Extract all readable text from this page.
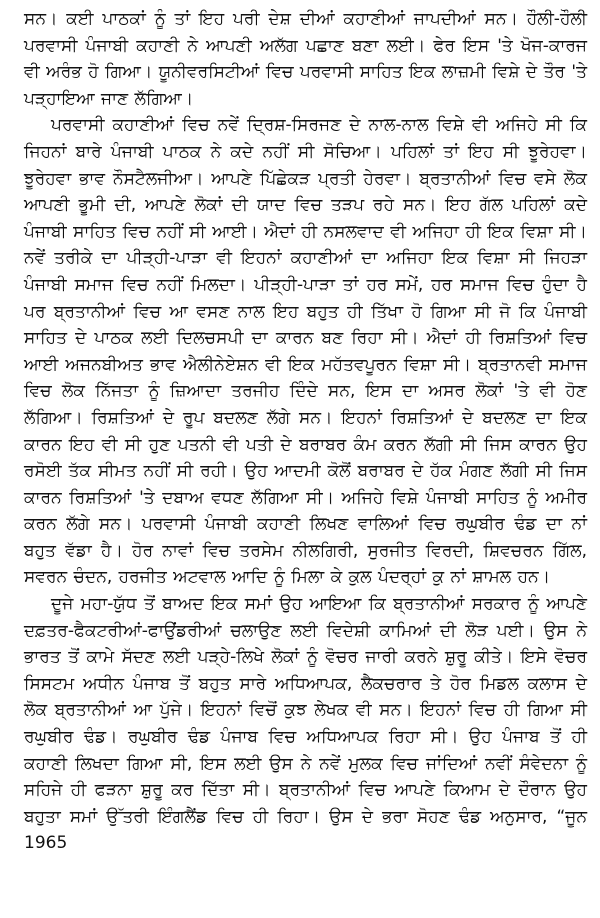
ਸਨ। ਕਈ ਪਾਠਕਾਂ ਨੂੰ ਤਾਂ ਇਹ ਪਰੀ ਦੇਸ਼ ਦੀਆਂ ਕਹਾਣੀਆਂ ਜਾਪਦੀਆਂ ਸਨ। ਹੌਲੀ-ਹੌਲੀ ਪਰਵਾਸੀ ਪੰਜਾਬੀ ਕਹਾਣੀ ਨੇ ਆਪਣੀ ਅਲੱਗ ਪਛਾਣ ਬਣਾ ਲਈ। ਫੇਰ ਇਸ 'ਤੇ ਖੋਜ-ਕਾਰਜ ਵੀ ਅਰੰਭ ਹੋ ਗਿਆ। ਯੂਨੀਵਰਸਿਟੀਆਂ ਵਿਚ ਪਰਵਾਸੀ ਸਾਹਿਤ ਇਕ ਲਾਜ਼ਮੀ ਵਿਸ਼ੇ ਦੇ ਤੌਰ 'ਤੇ ਪੜ੍ਹਾਇਆ ਜਾਣ ਲੱਗਿਆ।

ਪਰਵਾਸੀ ਕਹਾਣੀਆਂ ਵਿਚ ਨਵੇਂ ਦ੍ਰਿਸ਼-ਸਿਰਜਣ ਦੇ ਨਾਲ-ਨਾਲ ਵਿਸ਼ੇ ਵੀ ਅਜਿਹੇ ਸੀ ਕਿ ਜਿਹਨਾਂ ਬਾਰੇ ਪੰਜਾਬੀ ਪਾਠਕ ਨੇ ਕਦੇ ਨਹੀਂ ਸੀ ਸੋਚਿਆ। ਪਹਿਲਾਂ ਤਾਂ ਇਹ ਸੀ ਝੂਰੇਹਵਾ। ਝੂਰੇਹਵਾ ਭਾਵ ਨੌਸਟੈਲਜੀਆ। ਆਪਣੇ ਪਿੱਛੇਕੜ ਪ੍ਰਤੀ ਹੇਰਵਾ। ਬ੍ਰਤਾਨੀਆਂ ਵਿਚ ਵਸੇ ਲੋਕ ਆਪਣੀ ਭੂਮੀ ਦੀ, ਆਪਣੇ ਲੋਕਾਂ ਦੀ ਯਾਦ ਵਿਚ ਤੜਪ ਰਹੇ ਸਨ। ਇਹ ਗੱਲ ਪਹਿਲਾਂ ਕਦੇ ਪੰਜਾਬੀ ਸਾਹਿਤ ਵਿਚ ਨਹੀਂ ਸੀ ਆਈ। ਐਦਾਂ ਹੀ ਨਸਲਵਾਦ ਵੀ ਅਜਿਹਾ ਹੀ ਇਕ ਵਿਸ਼ਾ ਸੀ। ਨਵੇਂ ਤਰੀਕੇ ਦਾ ਪੀੜ੍ਹੀ-ਪਾੜਾ ਵੀ ਇਹਨਾਂ ਕਹਾਣੀਆਂ ਦਾ ਅਜਿਹਾ ਇਕ ਵਿਸ਼ਾ ਸੀ ਜਿਹੜਾ ਪੰਜਾਬੀ ਸਮਾਜ ਵਿਚ ਨਹੀਂ ਮਿਲਦਾ। ਪੀੜ੍ਹੀ-ਪਾੜਾ ਤਾਂ ਹਰ ਸਮੇਂ, ਹਰ ਸਮਾਜ ਵਿਚ ਹੁੰਦਾ ਹੈ ਪਰ ਬ੍ਰਤਾਨੀਆਂ ਵਿਚ ਆ ਵਸਣ ਨਾਲ ਇਹ ਬਹੁਤ ਹੀ ਤਿੱਖਾ ਹੋ ਗਿਆ ਸੀ ਜੋ ਕਿ ਪੰਜਾਬੀ ਸਾਹਿਤ ਦੇ ਪਾਠਕ ਲਈ ਦਿਲਚਸਪੀ ਦਾ ਕਾਰਨ ਬਣ ਰਿਹਾ ਸੀ। ਐਦਾਂ ਹੀ ਰਿਸ਼ਤਿਆਂ ਵਿਚ ਆਈ ਅਜਨਬੀਅਤ ਭਾਵ ਐਲੀਨੇਏਸ਼ਨ ਵੀ ਇਕ ਮਹੱਤਵਪੂਰਨ ਵਿਸ਼ਾ ਸੀ। ਬ੍ਰਤਾਨਵੀ ਸਮਾਜ ਵਿਚ ਲੋਕ ਨਿੱਜਤਾ ਨੂੰ ਜ਼ਿਆਦਾ ਤਰਜੀਹ ਦਿੰਦੇ ਸਨ, ਇਸ ਦਾ ਅਸਰ ਲੋਕਾਂ 'ਤੇ ਵੀ ਹੋਣ ਲੱਗਿਆ। ਰਿਸ਼ਤਿਆਂ ਦੇ ਰੂਪ ਬਦਲਣ ਲੱਗੇ ਸਨ। ਇਹਨਾਂ ਰਿਸ਼ਤਿਆਂ ਦੇ ਬਦਲਣ ਦਾ ਇਕ ਕਾਰਨ ਇਹ ਵੀ ਸੀ ਹੁਣ ਪਤਨੀ ਵੀ ਪਤੀ ਦੇ ਬਰਾਬਰ ਕੰਮ ਕਰਨ ਲੱਗੀ ਸੀ ਜਿਸ ਕਾਰਨ ਉਹ ਰਸੋਈ ਤੱਕ ਸੀਮਤ ਨਹੀਂ ਸੀ ਰਹੀ। ਉਹ ਆਦਮੀ ਕੋਲੋਂ ਬਰਾਬਰ ਦੇ ਹੱਕ ਮੰਗਣ ਲੱਗੀ ਸੀ ਜਿਸ ਕਾਰਨ ਰਿਸ਼ਤਿਆਂ 'ਤੇ ਦਬਾਅ ਵਧਣ ਲੱਗਿਆ ਸੀ। ਅਜਿਹੇ ਵਿਸ਼ੇ ਪੰਜਾਬੀ ਸਾਹਿਤ ਨੂੰ ਅਮੀਰ ਕਰਨ ਲੱਗੇ ਸਨ। ਪਰਵਾਸੀ ਪੰਜਾਬੀ ਕਹਾਣੀ ਲਿਖਣ ਵਾਲਿਆਂ ਵਿਚ ਰਘੁਬੀਰ ਢੰਡ ਦਾ ਨਾਂ ਬਹੁਤ ਵੱਡਾ ਹੈ। ਹੋਰ ਨਾਵਾਂ ਵਿਚ ਤਰਸੇਮ ਨੀਲਗਿਰੀ, ਸੁਰਜੀਤ ਵਿਰਦੀ, ਸ਼ਿਵਚਰਨ ਗਿੱਲ, ਸਵਰਨ ਚੰਦਨ, ਹਰਜੀਤ ਅਟਵਾਲ ਆਦਿ ਨੂੰ ਮਿਲਾ ਕੇ ਕੁਲ ਪੰਦਰ੍ਹਾਂ ਕੁ ਨਾਂ ਸ਼ਾਮਲ ਹਨ।

ਦੂਜੇ ਮਹਾ-ਯੁੱਧ ਤੋਂ ਬਾਅਦ ਇਕ ਸਮਾਂ ਉਹ ਆਇਆ ਕਿ ਬ੍ਰਤਾਨੀਆਂ ਸਰਕਾਰ ਨੂੰ ਆਪਣੇ ਦਫ਼ਤਰ-ਫੈਕਟਰੀਆਂ-ਫਾਉਂਡਰੀਆਂ ਚਲਾਉਣ ਲਈ ਵਿਦੇਸ਼ੀ ਕਾਮਿਆਂ ਦੀ ਲੋੜ ਪਈ। ਉਸ ਨੇ ਭਾਰਤ ਤੋਂ ਕਾਮੇ ਸੱਦਣ ਲਈ ਪੜ੍ਹੇ-ਲਿਖੇ ਲੋਕਾਂ ਨੂੰ ਵੋਚਰ ਜਾਰੀ ਕਰਨੇ ਸ਼ੁਰੂ ਕੀਤੇ। ਇਸੇ ਵੋਚਰ ਸਿਸਟਮ ਅਧੀਨ ਪੰਜਾਬ ਤੋਂ ਬਹੁਤ ਸਾਰੇ ਅਧਿਆਪਕ, ਲੈਕਚਰਾਰ ਤੇ ਹੋਰ ਮਿਡਲ ਕਲਾਸ ਦੇ ਲੋਕ ਬ੍ਰਤਾਨੀਆਂ ਆ ਪੁੱਜੇ। ਇਹਨਾਂ ਵਿਚੋਂ ਕੁਝ ਲੇਖਕ ਵੀ ਸਨ। ਇਹਨਾਂ ਵਿਚ ਹੀ ਗਿਆ ਸੀ ਰਘੁਬੀਰ ਢੰਡ। ਰਘੁਬੀਰ ਢੰਡ ਪੰਜਾਬ ਵਿਚ ਅਧਿਆਪਕ ਰਿਹਾ ਸੀ। ਉਹ ਪੰਜਾਬ ਤੋਂ ਹੀ ਕਹਾਣੀ ਲਿਖਦਾ ਗਿਆ ਸੀ, ਇਸ ਲਈ ਉਸ ਨੇ ਨਵੇਂ ਮੁਲਕ ਵਿਚ ਜਾਂਦਿਆਂ ਨਵੀਂ ਸੰਵੇਦਨਾ ਨੂੰ ਸਹਿਜੇ ਹੀ ਫੜਨਾ ਸ਼ੁਰੂ ਕਰ ਦਿੱਤਾ ਸੀ। ਬ੍ਰਤਾਨੀਆਂ ਵਿਚ ਆਪਣੇ ਕਿਆਮ ਦੇ ਦੌਰਾਨ ਉਹ ਬਹੁਤਾ ਸਮਾਂ ਉੱਤਰੀ ਇੰਗਲੈਂਡ ਵਿਚ ਹੀ ਰਿਹਾ। ਉਸ ਦੇ ਭਰਾ ਸੋਹਣ ਢੰਡ ਅਨੁਸਾਰ, “ਜੂਨ 1965
